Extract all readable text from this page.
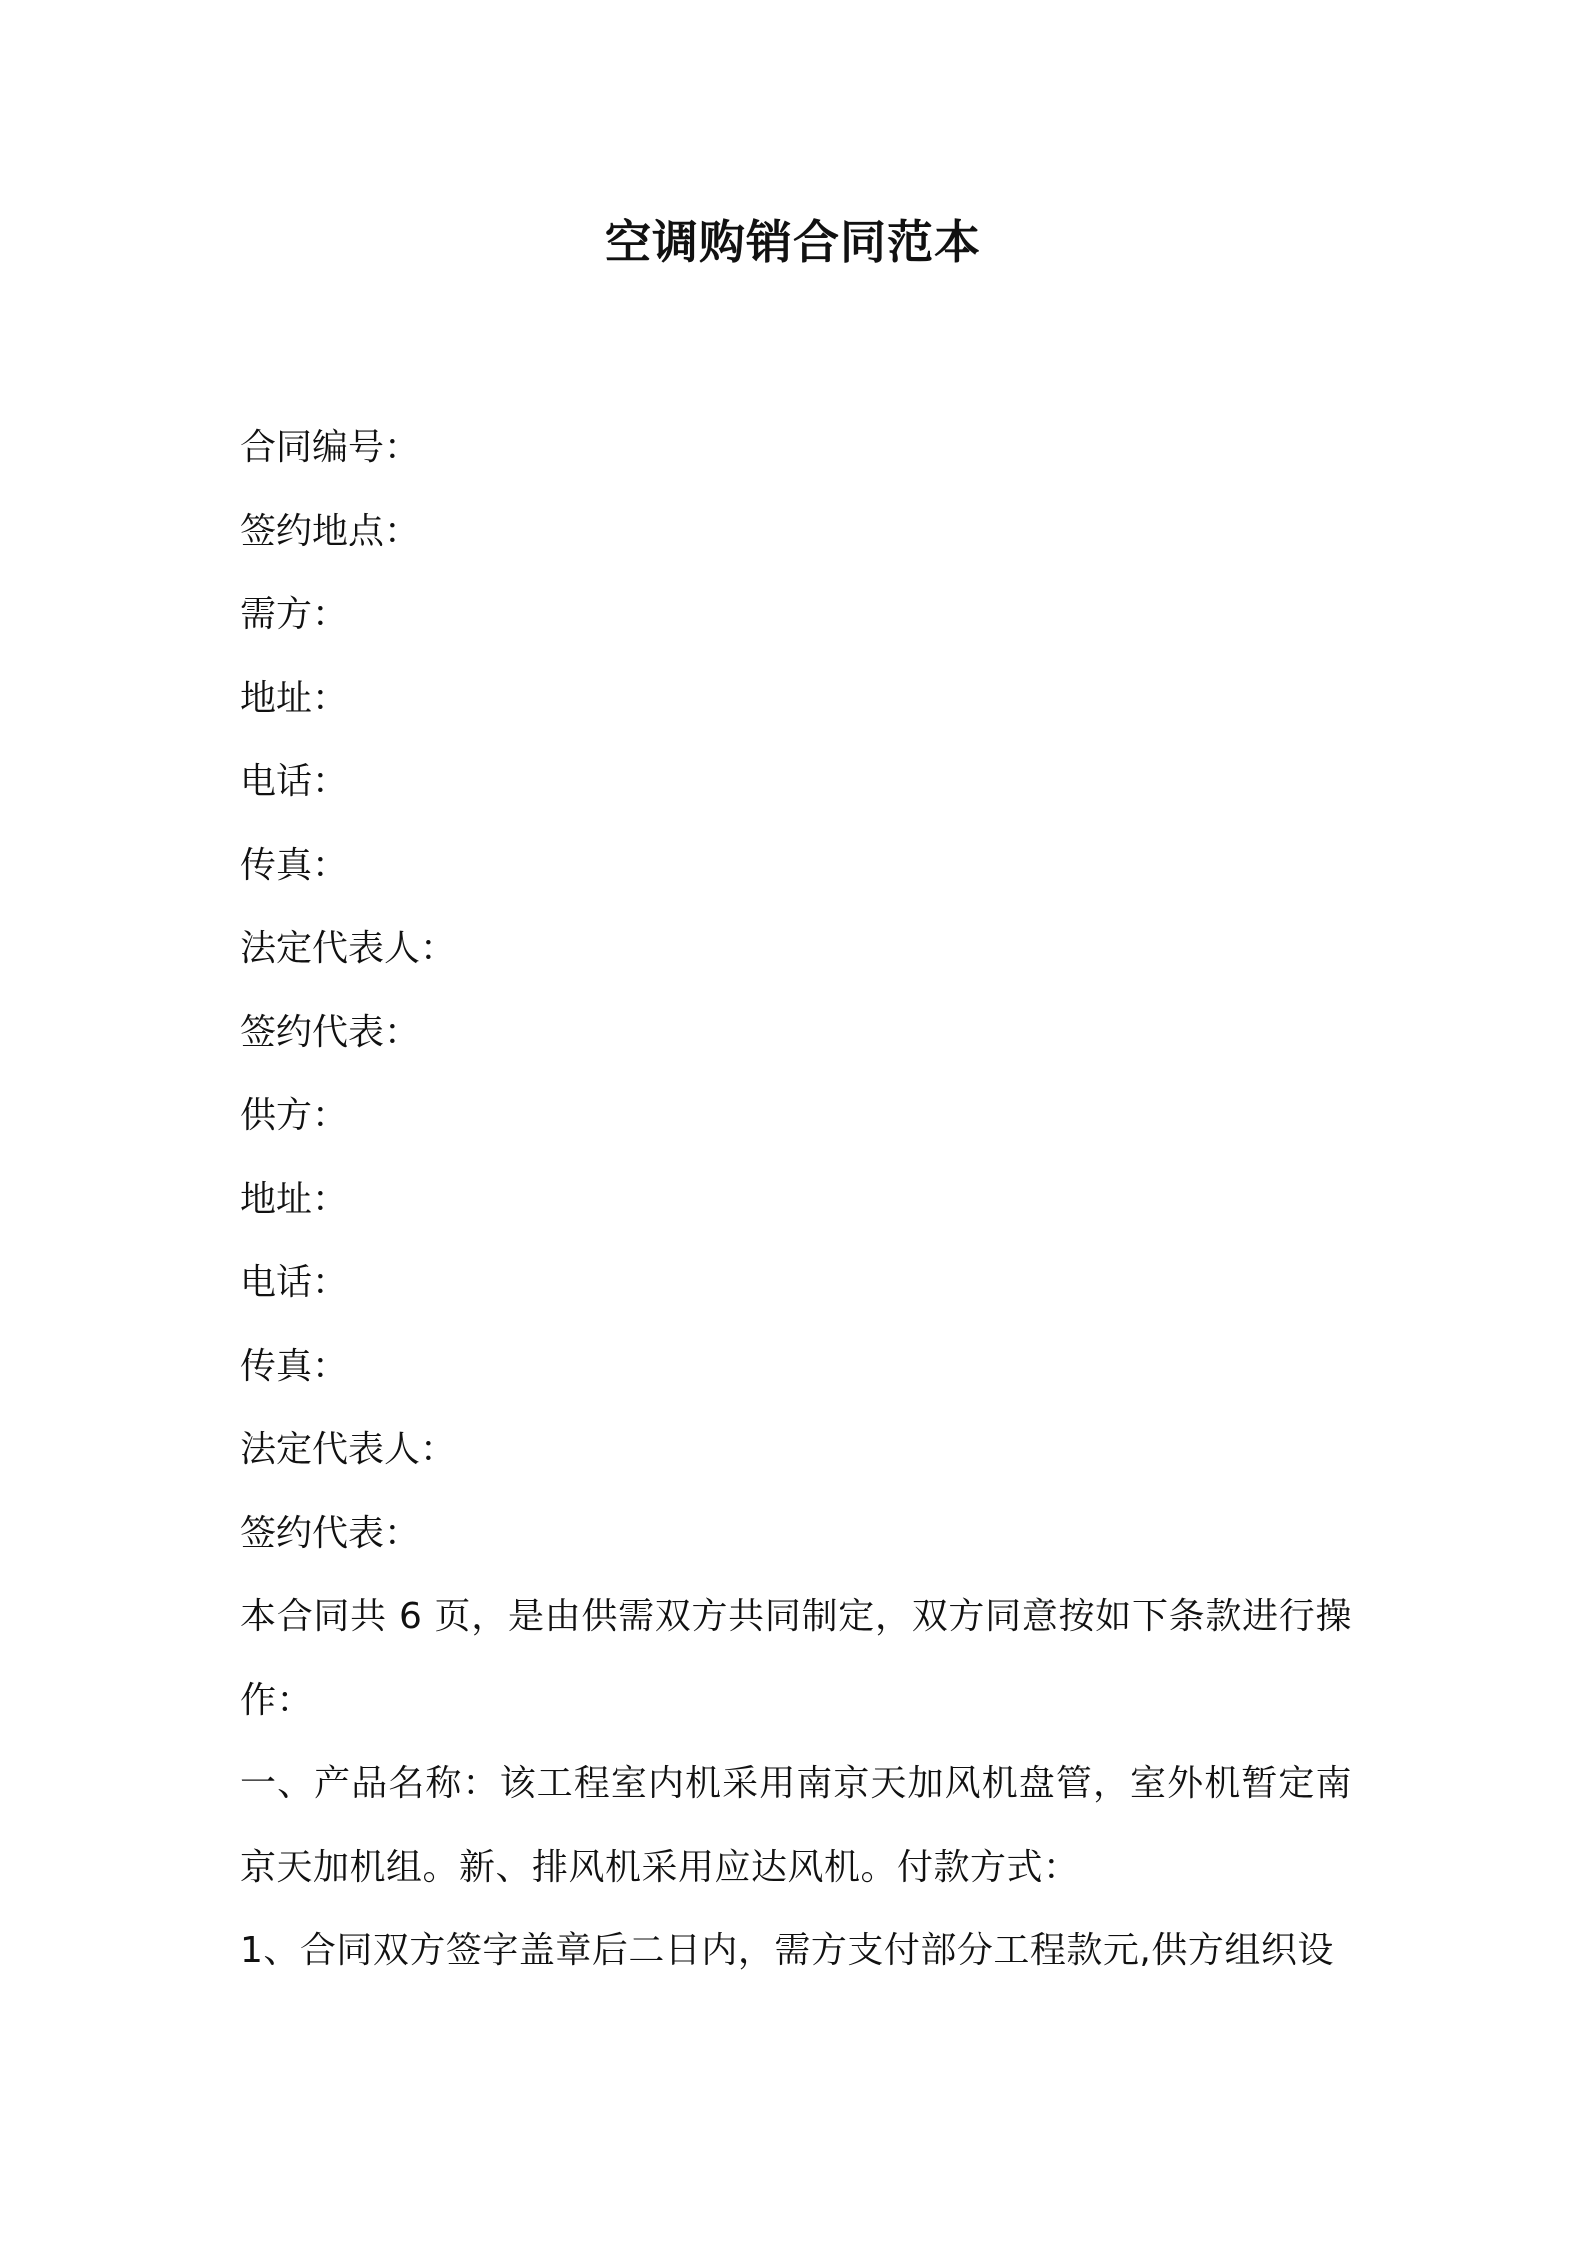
空调购销合同范本
合同编号：
签约地点：
需方：
地址：
电话：
传真：
法定代表人：
签约代表：
供方：
地址：
电话：
传真：
法定代表人：
签约代表：
本合同共 6 页，是由供需双方共同制定，双方同意按如下条款进行操作：
一、产品名称：该工程室内机采用南京天加风机盘管，室外机暂定南京天加机组。新、排风机采用应达风机。付款方式：
1、合同双方签字盖章后二日内，需方支付部分工程款元,供方组织设
